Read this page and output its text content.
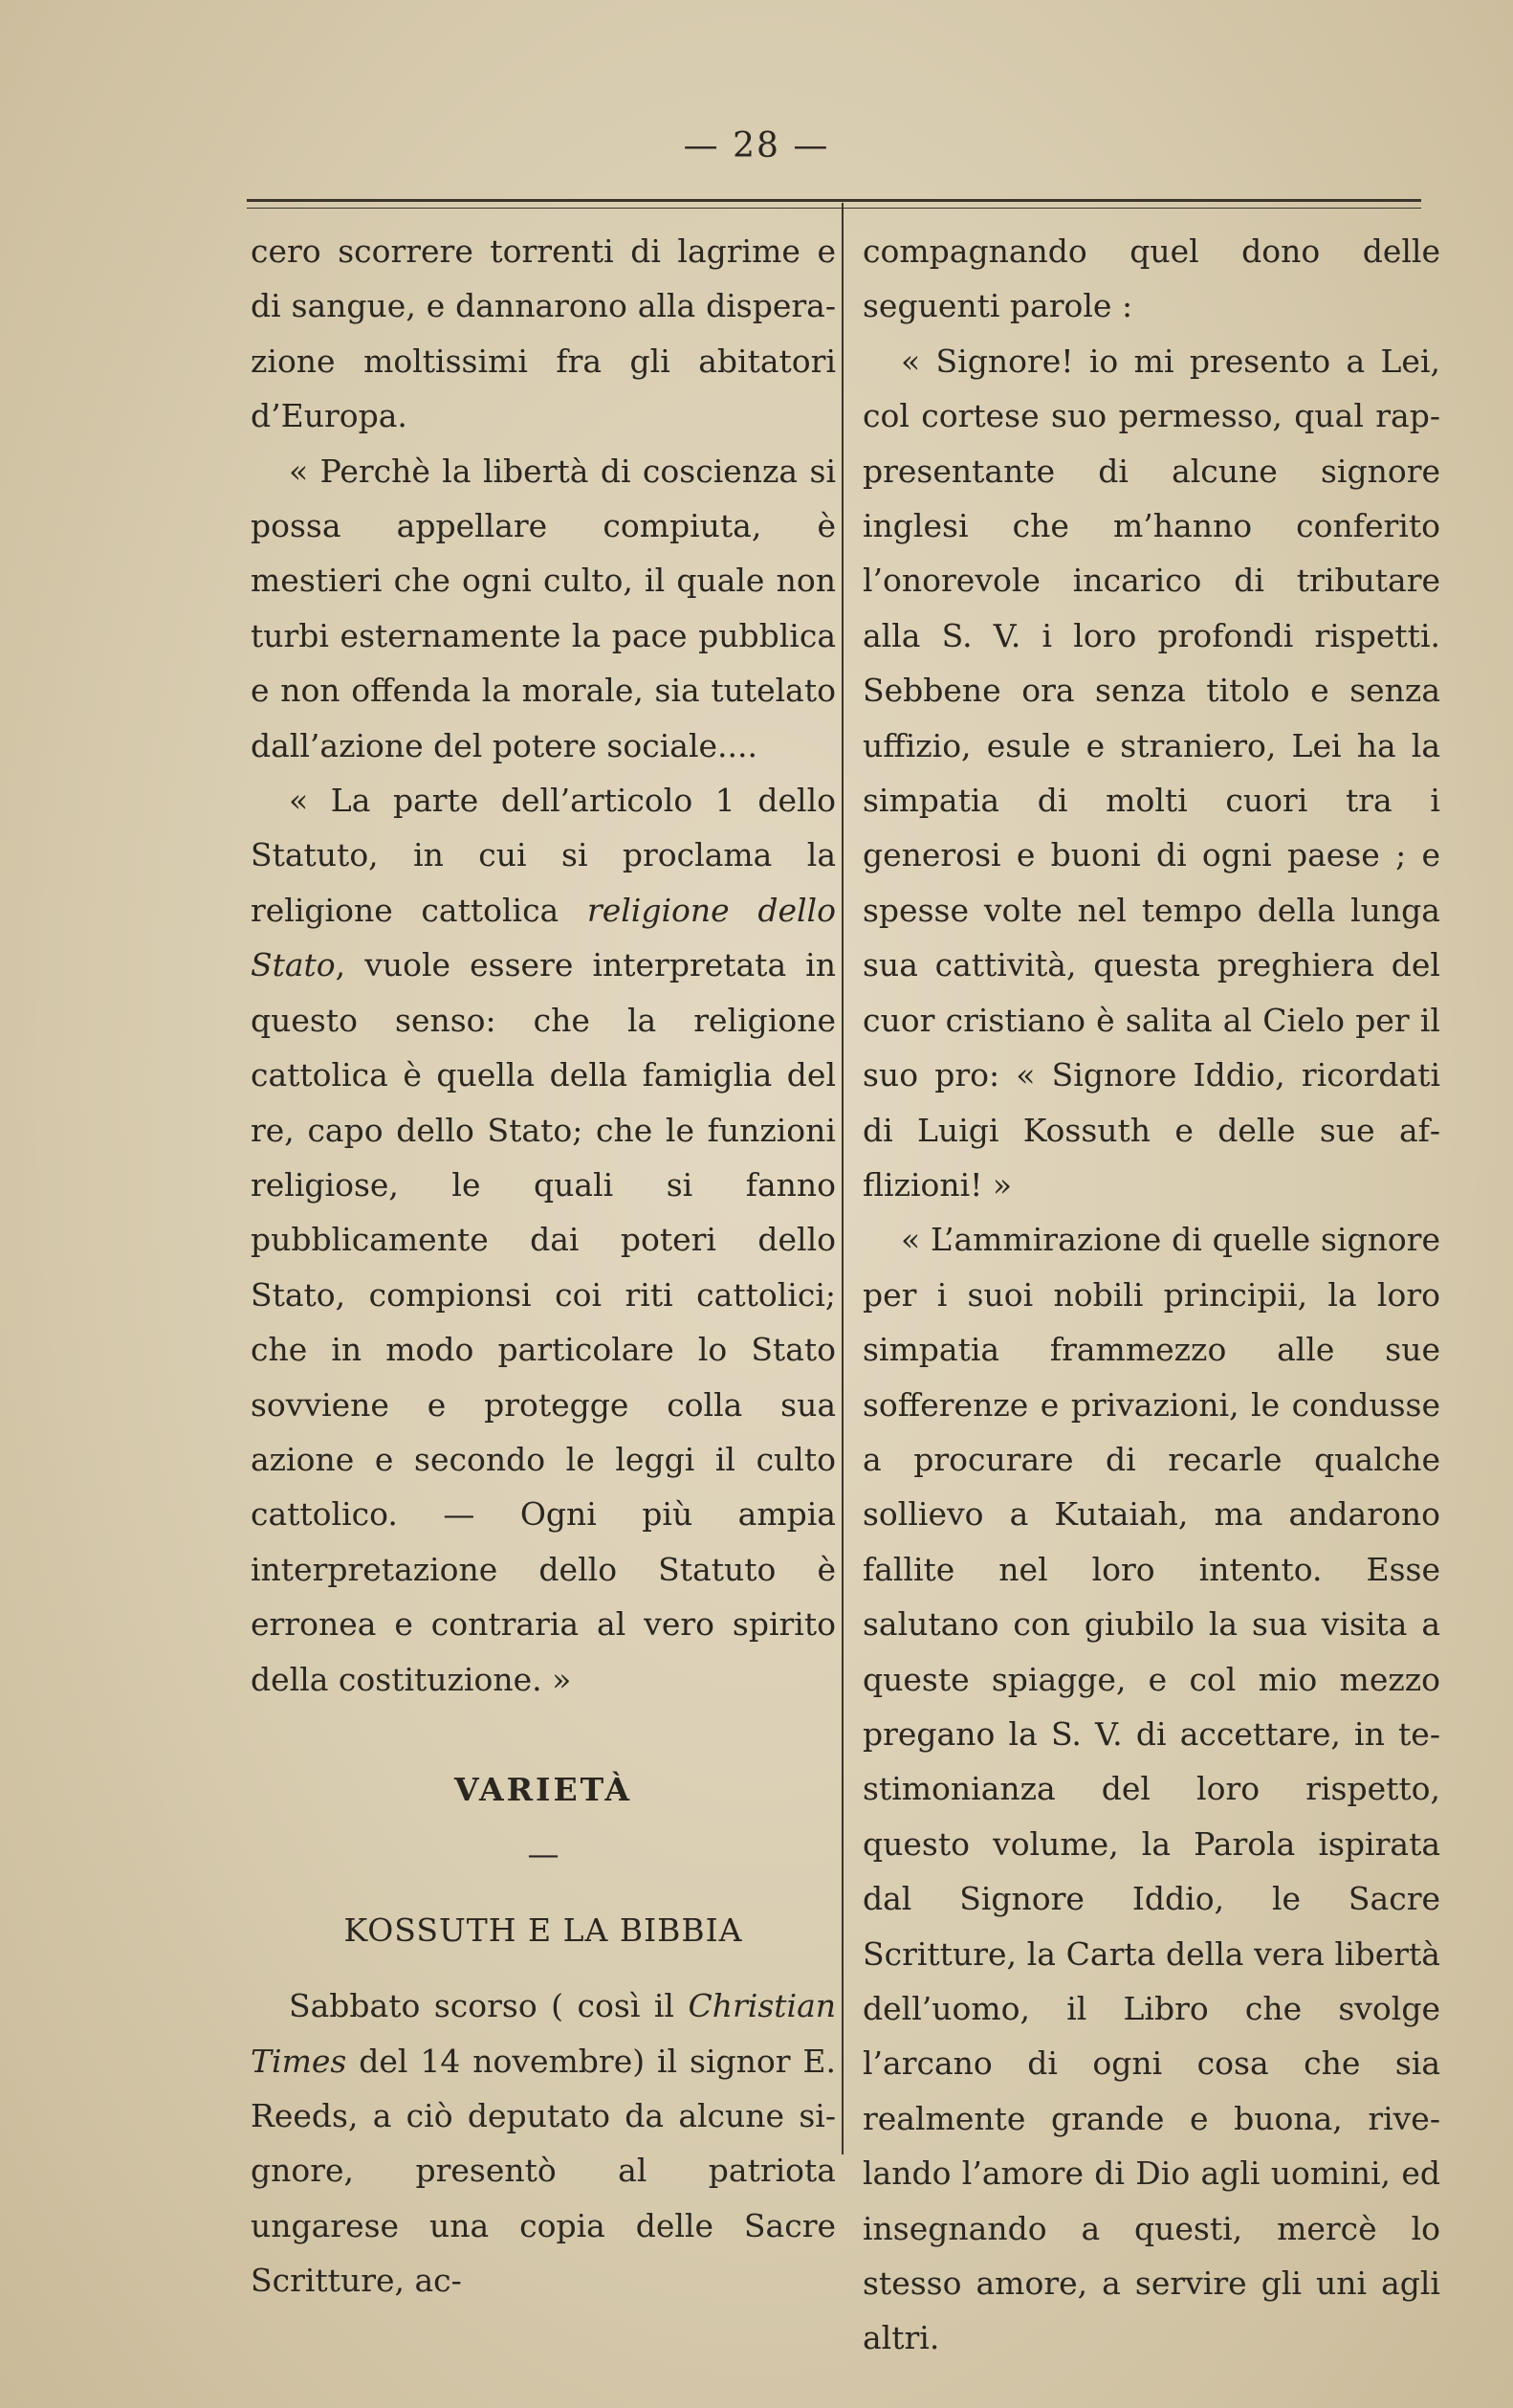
— 28 —

cero scorrere torrenti di lagrime e di sangue, e dannarono alla disperazione moltissimi fra gli abitatori d’Europa.

« Perchè la libertà di coscienza si possa appellare compiuta, è mestieri che ogni culto, il quale non turbi esternamente la pace pubblica e non offenda la morale, sia tutelato dall’azione del potere sociale....

« La parte dell’articolo 1 dello Statuto, in cui si proclama la religione cattolica religione dello Stato, vuole essere interpretata in questo senso: che la religione cattolica è quella della famiglia del re, capo dello Stato; che le funzioni religiose, le quali si fanno pubblicamente dai poteri dello Stato, compionsi coi riti cattolici; che in modo particolare lo Stato sovviene e protegge colla sua azione e secondo le leggi il culto cattolico. — Ogni più ampia interpretazione dello Statuto è erronea e contraria al vero spirito della costituzione. »

VARIETÀ

—

KOSSUTH E LA BIBBIA

Sabbato scorso ( così il Christian Times del 14 novembre) il signor E. Reeds, a ciò deputato da alcune signore, presentò al patriota ungarese una copia delle Sacre Scritture, ac-

compagnando quel dono delle seguenti parole :

« Signore! io mi presento a Lei, col cortese suo permesso, qual rappresentante di alcune signore inglesi che m’hanno conferito l’onorevole incarico di tributare alla S. V. i loro profondi rispetti. Sebbene ora senza titolo e senza uffizio, esule e straniero, Lei ha la simpatia di molti cuori tra i generosi e buoni di ogni paese ; e spesse volte nel tempo della lunga sua cattività, questa preghiera del cuor cristiano è salita al Cielo per il suo pro: « Signore Iddio, ricordati di Luigi Kossuth e delle sue afflizioni! »

« L’ammirazione di quelle signore per i suoi nobili principii, la loro simpatia frammezzo alle sue sofferenze e privazioni, le condusse a procurare di recarle qualche sollievo a Kutaiah, ma andarono fallite nel loro intento. Esse salutano con giubilo la sua visita a queste spiagge, e col mio mezzo pregano la S. V. di accettare, in testimonianza del loro rispetto, questo volume, la Parola ispirata dal Signore Iddio, le Sacre Scritture, la Carta della vera libertà dell’uomo, il Libro che svolge l’arcano di ogni cosa che sia realmente grande e buona, rivelando l’amore di Dio agli uomini, ed insegnando a questi, mercè lo stesso amore, a servire gli uni agli altri.
